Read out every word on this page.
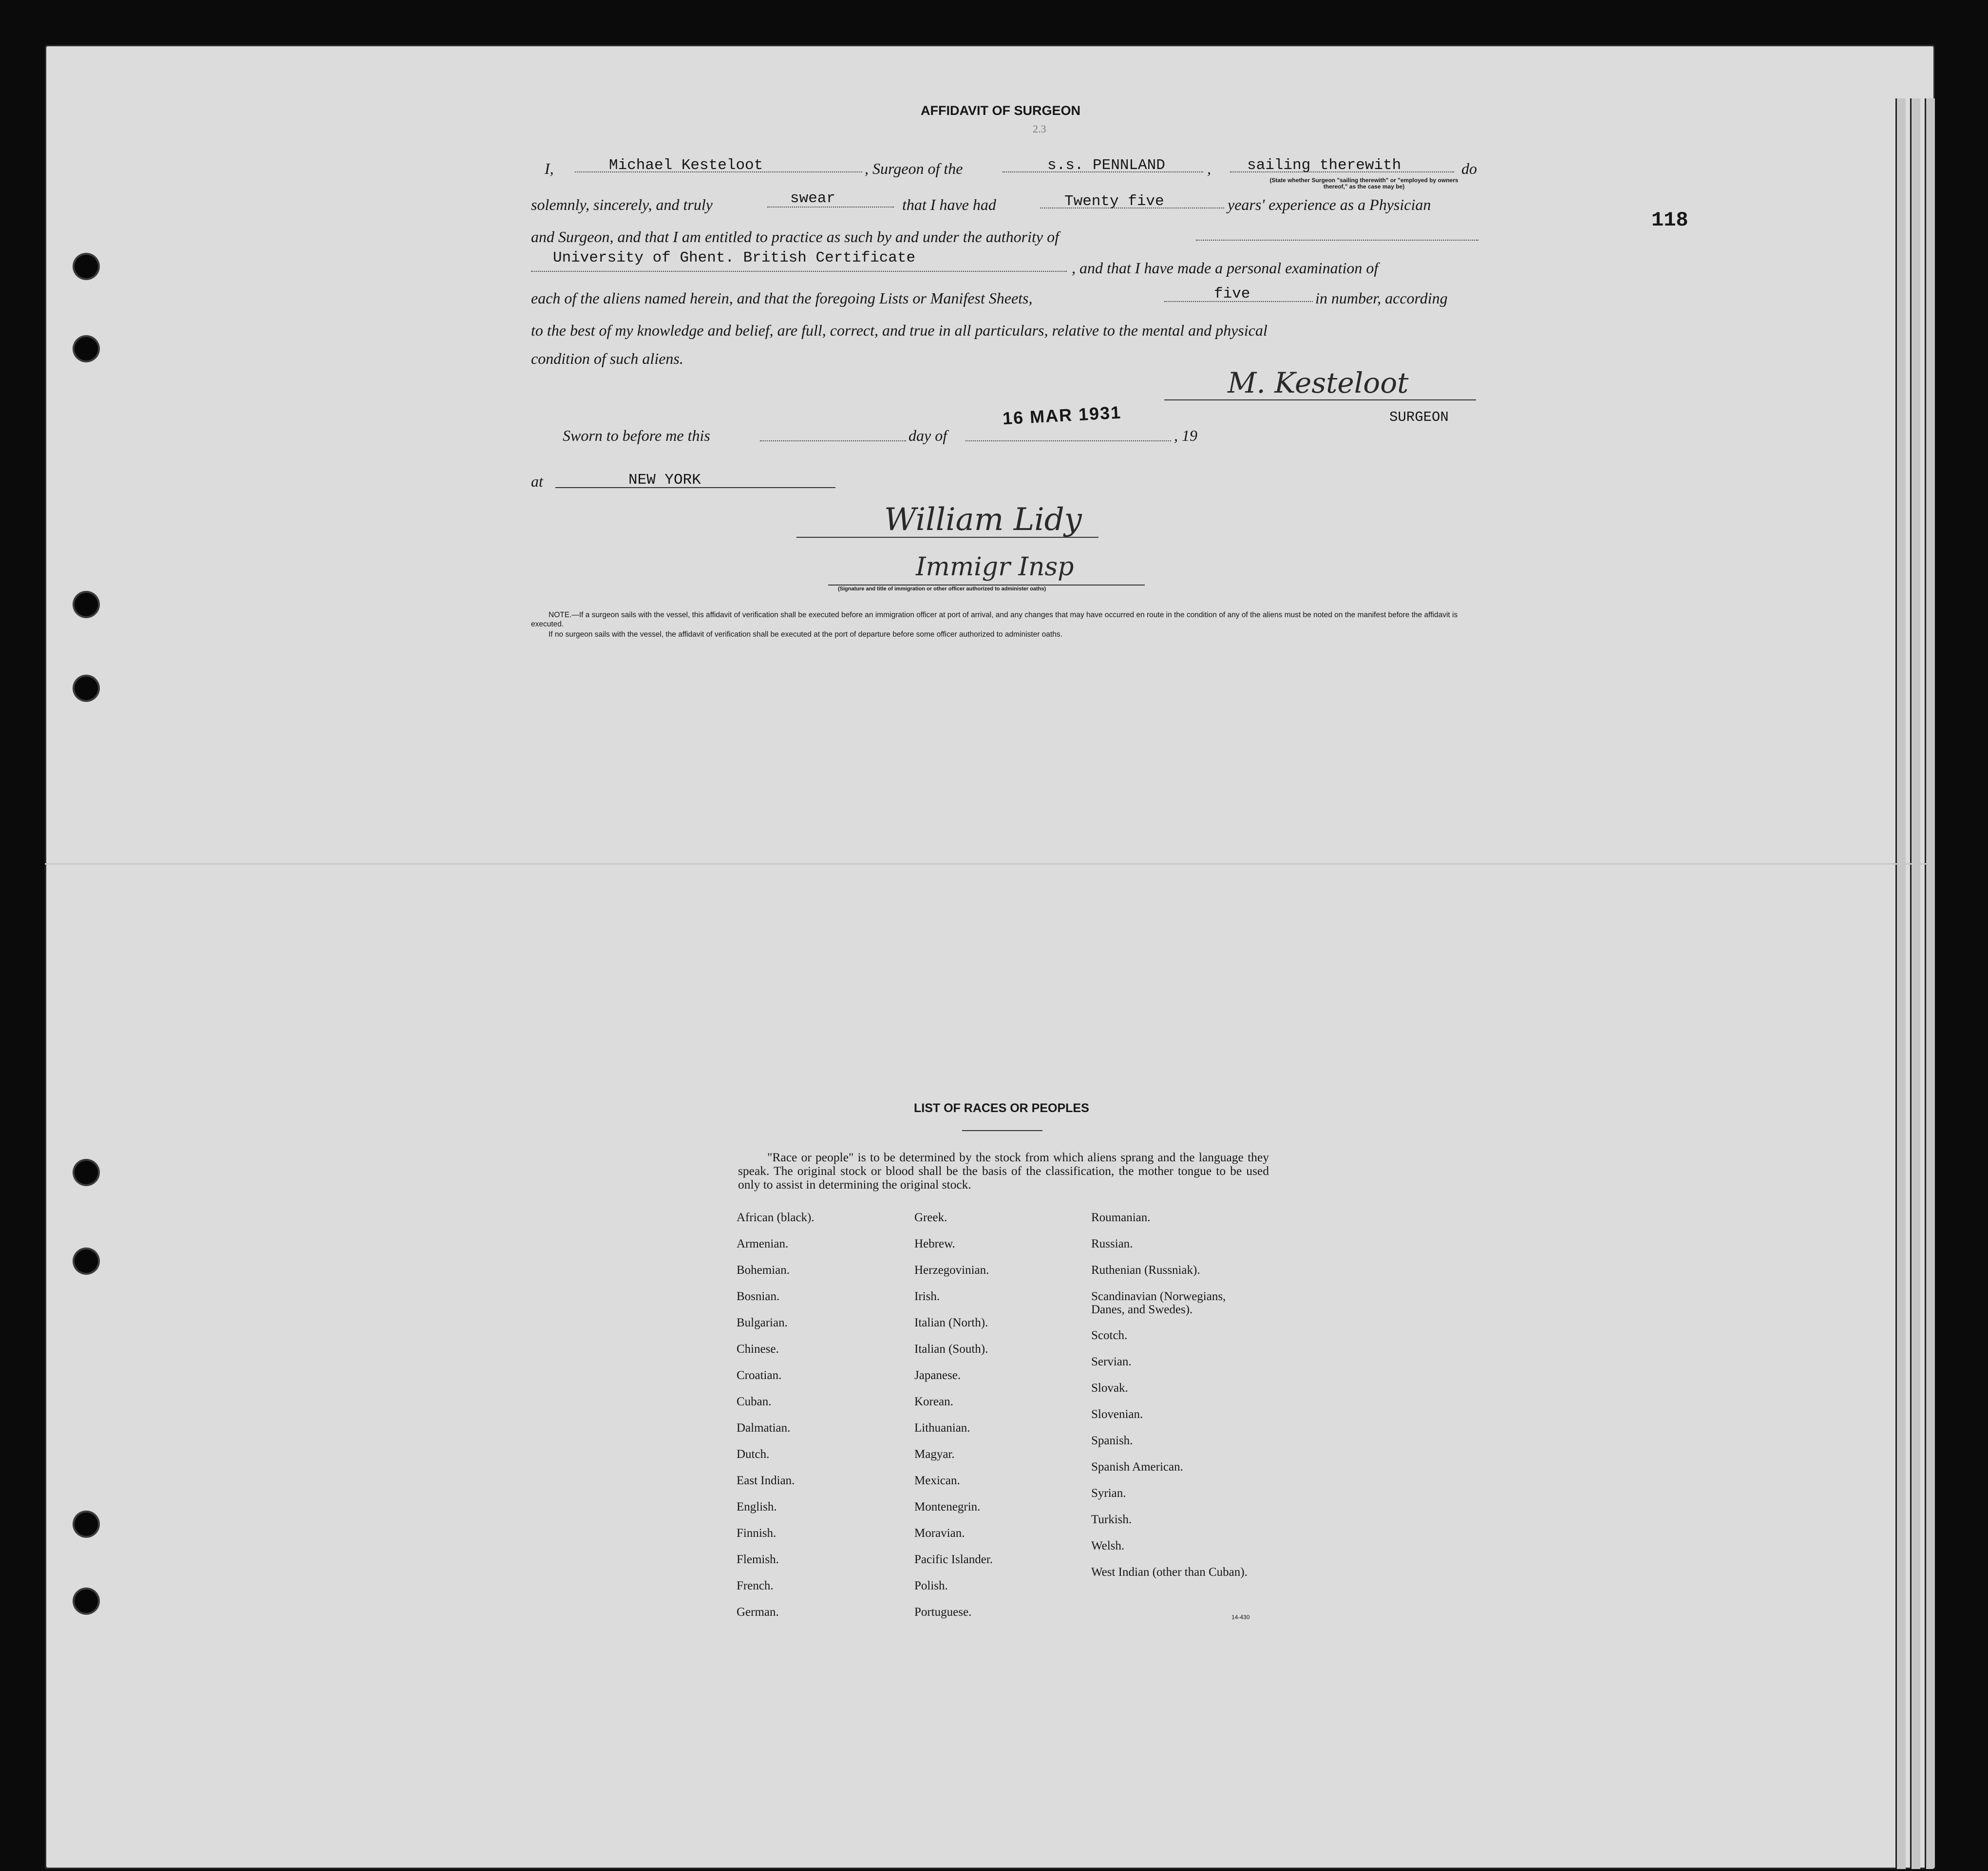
AFFIDAVIT OF SURGEON
2.3
118
I,	Michael Kesteloot	, Surgeon of the	s.s. PENNLAND	, sailing therewith	do
(State whether Surgeon "sailing therewith" or "employed by owners thereof," as the case may be)
solemnly, sincerely, and truly	swear	that I have had	Twenty five	years' experience as a Physician
and Surgeon, and that I am entitled to practice as such by and under the authority of
University of Ghent. British Certificate
, and that I have made a personal examination of
each of the aliens named herein, and that the foregoing Lists or Manifest Sheets,	five	in number, according
to the best of my knowledge and belief, are full, correct, and true in all particulars, relative to the mental and physical
condition of such aliens.
M. Kesteloot
SURGEON
Sworn to before me this	day of
16 MAR 1931
, 19
at	NEW YORK
William Lidy
Immigr Insp
(Signature and title of immigration or other officer authorized to administer oaths)
NOTE.—If a surgeon sails with the vessel, this affidavit of verification shall be executed before an immigration officer at port of arrival, and any changes that may have occurred en route in the condition of any of the aliens must be noted on the manifest before the affidavit is executed.
If no surgeon sails with the vessel, the affidavit of verification shall be executed at the port of departure before some officer authorized to administer oaths.
LIST OF RACES OR PEOPLES
"Race or people" is to be determined by the stock from which aliens sprang and the language they speak. The original stock or blood shall be the basis of the classification, the mother tongue to be used only to assist in determining the original stock.
African (black).
Armenian.
Bohemian.
Bosnian.
Bulgarian.
Chinese.
Croatian.
Cuban.
Dalmatian.
Dutch.
East Indian.
English.
Finnish.
Flemish.
French.
German.
Greek.
Hebrew.
Herzegovinian.
Irish.
Italian (North).
Italian (South).
Japanese.
Korean.
Lithuanian.
Magyar.
Mexican.
Montenegrin.
Moravian.
Pacific Islander.
Polish.
Portuguese.
Roumanian.
Russian.
Ruthenian (Russniak).
Scandinavian (Norwegians, Danes, and Swedes).
Scotch.
Servian.
Slovak.
Slovenian.
Spanish.
Spanish American.
Syrian.
Turkish.
Welsh.
West Indian (other than Cuban).
14-430
